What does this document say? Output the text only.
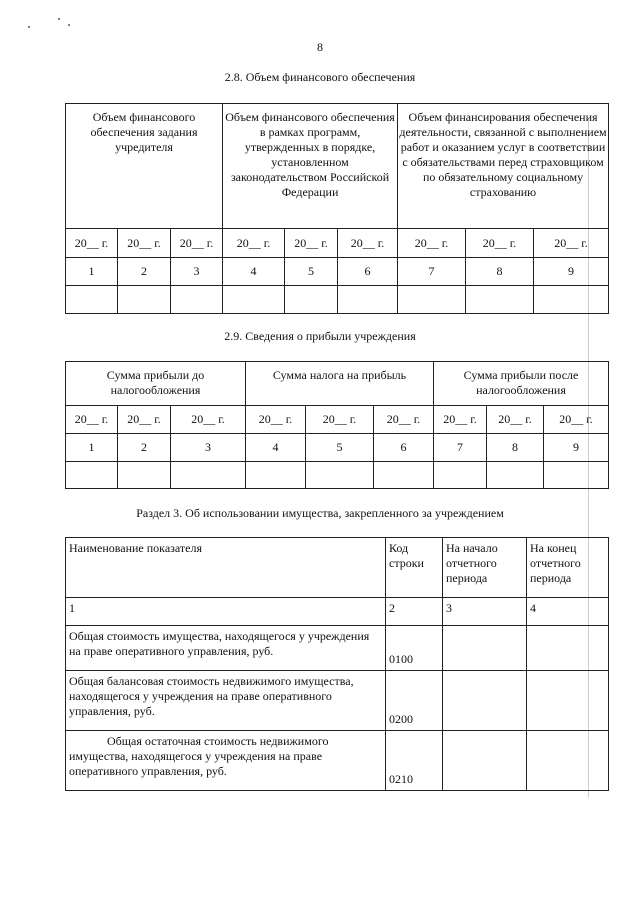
8
2.8. Объем финансового обеспечения
Объем финансового обеспечения задания учредителя			Объем финансового обеспечения в рамках программ, утвержденных в порядке, установленном законодательством Российской Федерации			Объем финансирования обеспечения деятельности, связанной с выполнением работ и оказанием услуг в соответствии с обязательствами перед страховщиком по обязательному социальному страхованию		
20__ г.	20__ г.	20__ г.	20__ г.	20__ г.	20__ г.	20__ г.	20__ г.	20__ г.
1	2	3	4	5	6	7	8	9

2.9. Сведения о прибыли учреждения
Сумма прибыли до налогообложения			Сумма налога на прибыль			Сумма прибыли после налогообложения		
20__ г.	20__ г.	20__ г.	20__ г.	20__ г.	20__ г.	20__ г.	20__ г.	20__ г.
1	2	3	4	5	6	7	8	9

Раздел 3. Об использовании имущества, закрепленного за учреждением
Наименование показателя	Код строки	На начало отчетного периода	На конец отчетного периода
1	2	3	4
Общая стоимость имущества, находящегося у учреждения на праве оперативного управления, руб.	0100		
Общая балансовая стоимость недвижимого имущества, находящегося у учреждения на праве оперативного управления, руб.	0200		
Общая остаточная стоимость недвижимого имущества, находящегося у учреждения на праве оперативного управления, руб.	0210		
